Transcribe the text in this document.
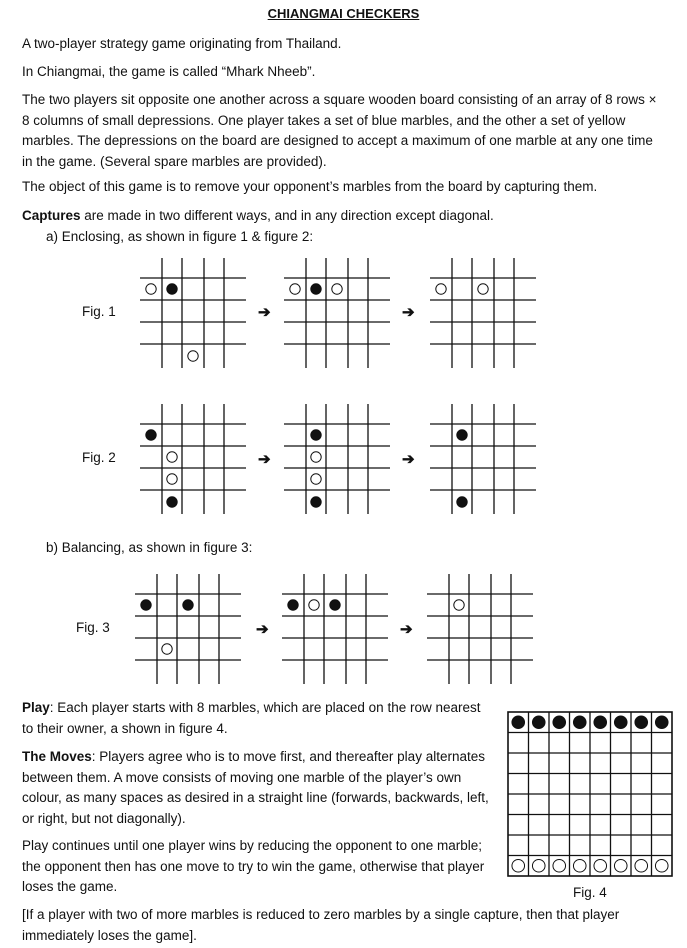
CHIANGMAI CHECKERS
A two-player strategy game originating from Thailand.
In Chiangmai, the game is called “Mhark Nheeb”.
The two players sit opposite one another across a square wooden board consisting of an array of 8 rows × 8 columns of small depressions. One player takes a set of blue marbles, and the other a set of yellow marbles. The depressions on the board are designed to accept a maximum of one marble at any one time in the game. (Several spare marbles are provided).
The object of this game is to remove your opponent’s marbles from the board by capturing them.
Captures are made in two different ways, and in any direction except diagonal.
a) Enclosing, as shown in figure 1 & figure 2:
Fig. 1	➔	➔
Fig. 2	➔	➔
b) Balancing, as shown in figure 3:
Fig. 3	➔	➔
Play: Each player starts with 8 marbles, which are placed on the row nearest to their owner, a shown in figure 4.
The Moves: Players agree who is to move first, and thereafter play alternates between them. A move consists of moving one marble of the player’s own colour, as many spaces as desired in a straight line (forwards, backwards, left, or right, but not diagonally).
Play continues until one player wins by reducing the opponent to one marble; the opponent then has one move to try to win the game, otherwise that player loses the game.	Fig. 4
[If a player with two of more marbles is reduced to zero marbles by a single capture, then that player immediately loses the game].
